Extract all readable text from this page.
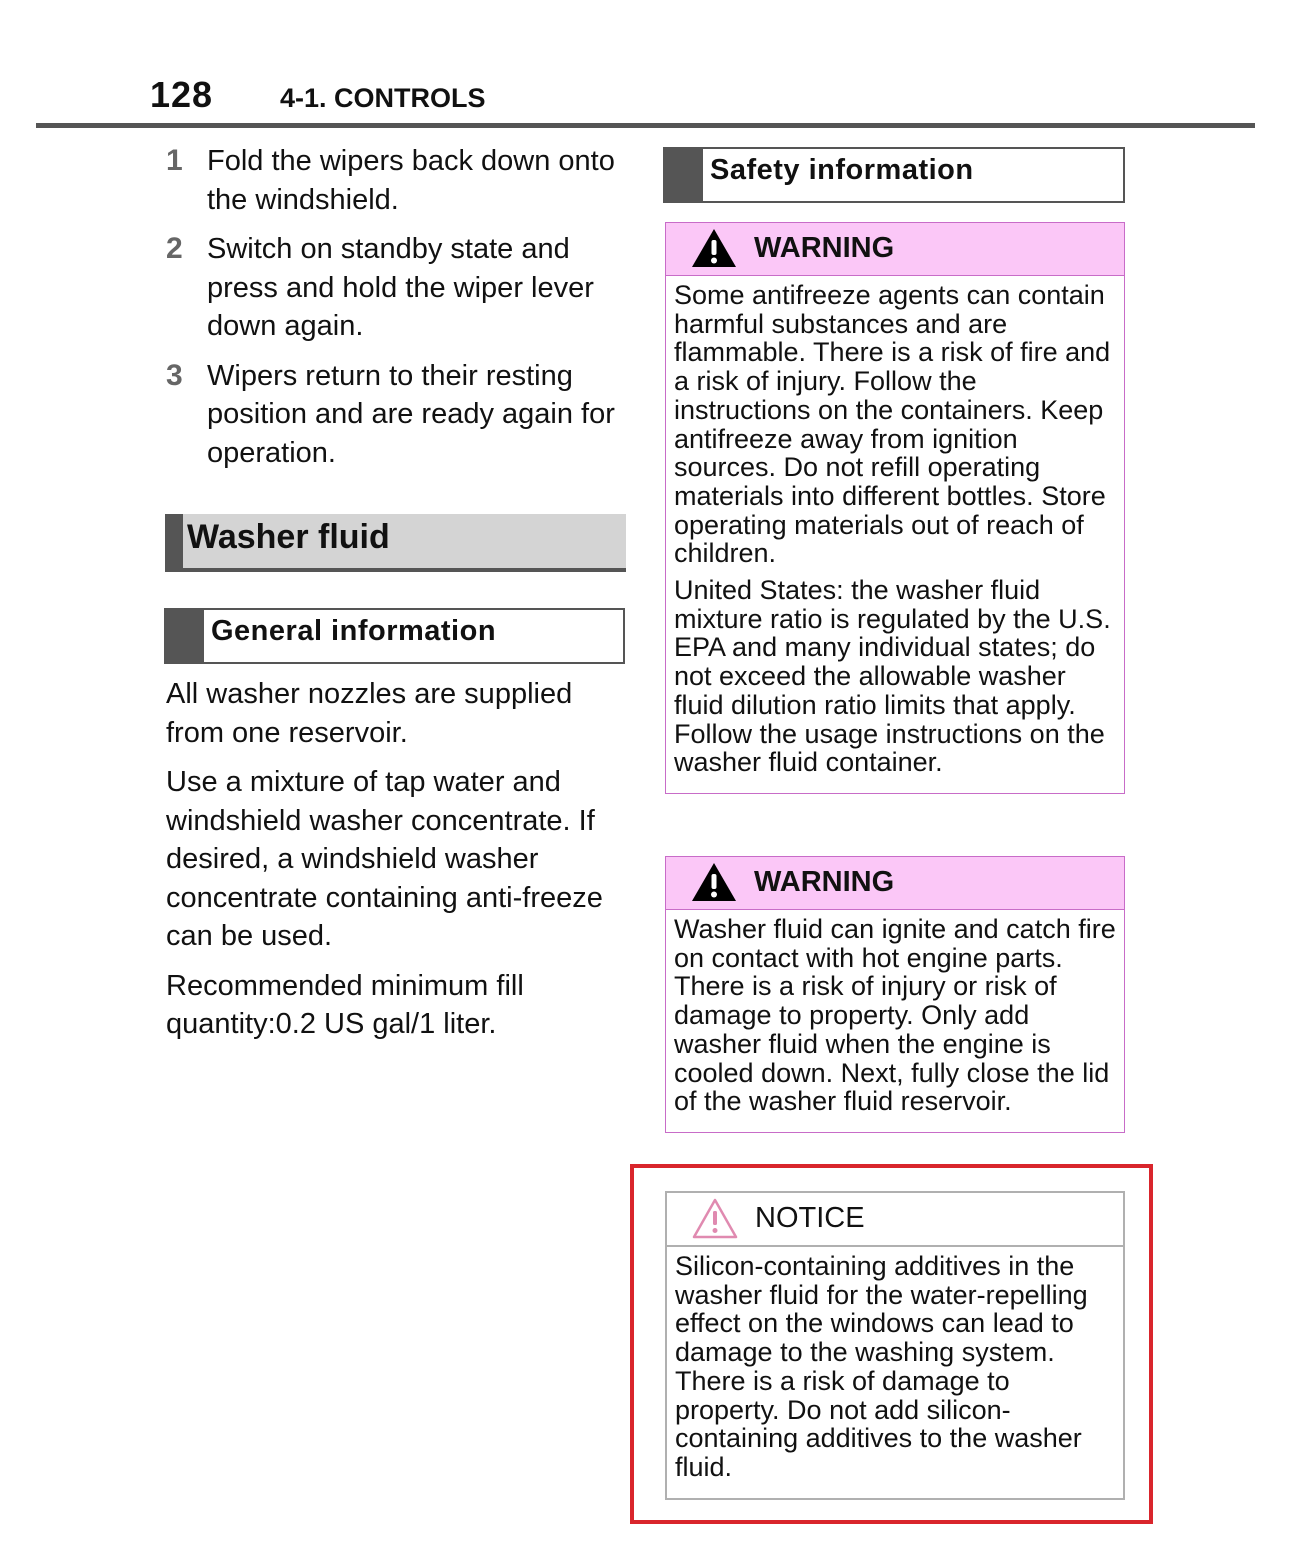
128 4-1. CONTROLS
1 Fold the wipers back down onto the windshield.
2 Switch on standby state and press and hold the wiper lever down again.
3 Wipers return to their resting position and are ready again for operation.
Washer fluid
General information

All washer nozzles are supplied from one reservoir.

Use a mixture of tap water and windshield washer concentrate. If desired, a windshield washer concentrate containing anti-freeze can be used.

Recommended minimum fill quantity:0.2 US gal/1 liter.

Safety information
WARNING

Some antifreeze agents can contain harmful substances and are flammable. There is a risk of fire and a risk of injury. Follow the instructions on the containers. Keep antifreeze away from ignition sources. Do not refill operating materials into different bottles. Store operating materials out of reach of children.

United States: the washer fluid mixture ratio is regulated by the U.S. EPA and many individual states; do not exceed the allowable washer fluid dilution ratio limits that apply. Follow the usage instructions on the washer fluid container.

WARNING

Washer fluid can ignite and catch fire on contact with hot engine parts. There is a risk of injury or risk of damage to property. Only add washer fluid when the engine is cooled down. Next, fully close the lid of the washer fluid reservoir.

NOTICE

Silicon-containing additives in the washer fluid for the water-repelling effect on the windows can lead to damage to the washing system. There is a risk of damage to property. Do not add silicon-containing additives to the washer fluid.
